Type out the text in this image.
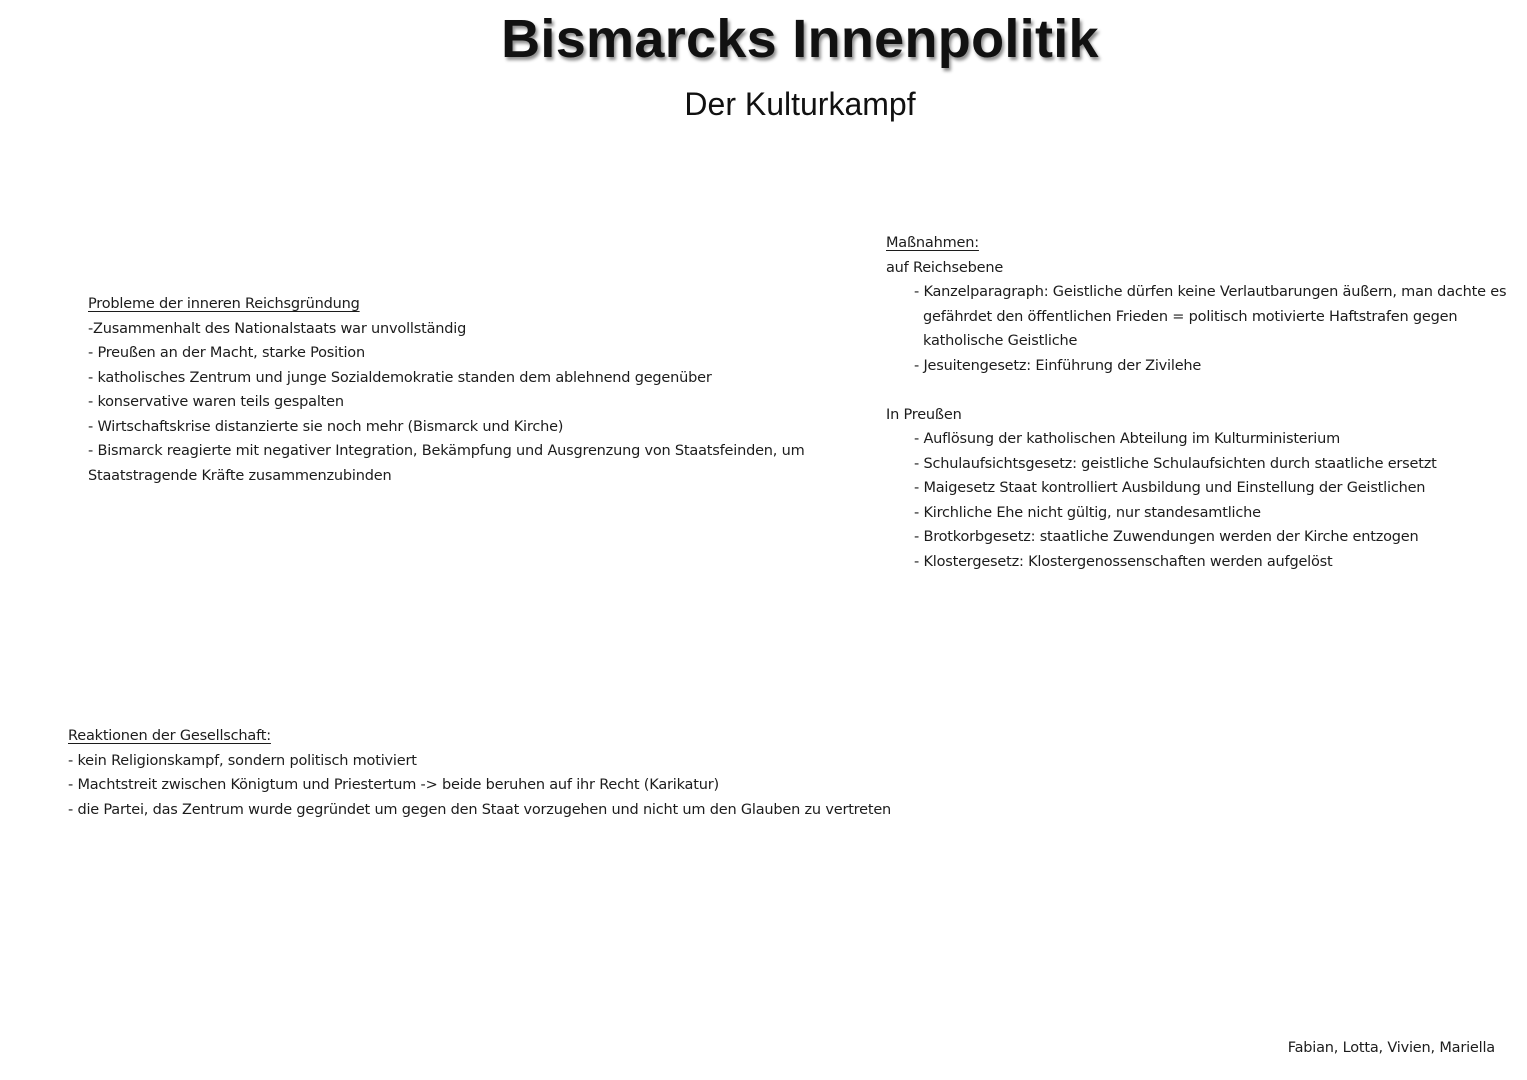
Bismarcks Innenpolitik
Der Kulturkampf
Probleme der inneren Reichsgründung
-Zusammenhalt des Nationalstaats war unvollständig
- Preußen an der Macht, starke Position
- katholisches Zentrum und junge Sozialdemokratie standen dem ablehnend gegenüber
- konservative waren teils gespalten
- Wirtschaftskrise distanzierte sie noch mehr (Bismarck und Kirche)
- Bismarck reagierte mit negativer Integration, Bekämpfung und Ausgrenzung von Staatsfeinden, um
Staatstragende Kräfte zusammenzubinden
Maßnahmen:
auf Reichsebene
- Kanzelparagraph: Geistliche dürfen keine Verlautbarungen äußern, man dachte es
gefährdet den öffentlichen Frieden = politisch motivierte Haftstrafen gegen
katholische Geistliche
- Jesuitengesetz: Einführung der Zivilehe
In Preußen
- Auflösung der katholischen Abteilung im Kulturministerium
- Schulaufsichtsgesetz: geistliche Schulaufsichten durch staatliche ersetzt
- Maigesetz Staat kontrolliert Ausbildung und Einstellung der Geistlichen
- Kirchliche Ehe nicht gültig, nur standesamtliche
- Brotkorbgesetz: staatliche Zuwendungen werden der Kirche entzogen
- Klostergesetz: Klostergenossenschaften werden aufgelöst
Reaktionen der Gesellschaft:
- kein Religionskampf, sondern politisch motiviert
- Machtstreit zwischen Königtum und Priestertum -> beide beruhen auf ihr Recht (Karikatur)
- die Partei, das Zentrum wurde gegründet um gegen den Staat vorzugehen und nicht um den Glauben zu vertreten
Fabian, Lotta, Vivien, Mariella
